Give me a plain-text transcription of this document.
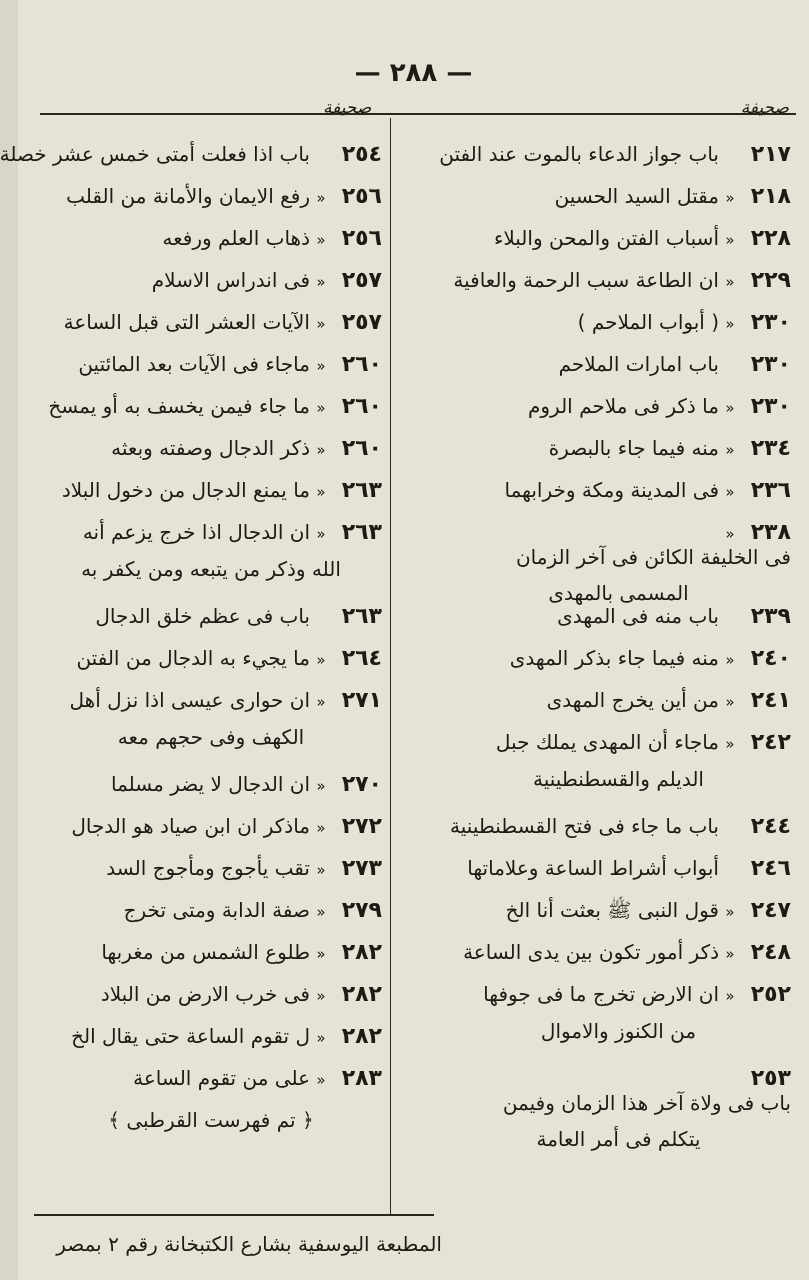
— ٢٨٨ —
صحيفة
صحيفة
٢١٧
باب جواز الدعاء بالموت عند الفتن
٢١٨
«
مقتل السيد الحسين
٢٢٨
«
أسباب الفتن والمحن والبلاء
٢٢٩
«
ان الطاعة سبب الرحمة والعافية
٢٣٠
«
( أبواب الملاحم )
٢٣٠
باب امارات الملاحم
٢٣٠
«
ما ذكر فى ملاحم الروم
٢٣٤
«
منه فيما جاء بالبصرة
٢٣٦
«
فى المدينة ومكة وخرابهما
٢٣٨
«
فى الخليفة الكائن فى آخر الزمان
المسمى بالمهدى
٢٣٩
باب منه فى المهدى
٢٤٠
«
منه فيما جاء بذكر المهدى
٢٤١
«
من أين يخرج المهدى
٢٤٢
«
ماجاء أن المهدى يملك جبل
الديلم والقسطنطينية
٢٤٤
باب ما جاء فى فتح القسطنطينية
٢٤٦
أبواب أشراط الساعة وعلاماتها
٢٤٧
«
قول النبى ﷺ بعثت أنا الخ
٢٤٨
«
ذكر أمور تكون بين يدى الساعة
٢٥٢
«
ان الارض تخرج ما فى جوفها
من الكنوز والاموال
٢٥٣
باب فى ولاة آخر هذا الزمان وفيمن
يتكلم فى أمر العامة
٢٥٤
باب اذا فعلت أمتى خمس عشر خصلة
٢٥٦
«
رفع الايمان والأمانة من القلب
٢٥٦
«
ذهاب العلم ورفعه
٢٥٧
«
فى اندراس الاسلام
٢٥٧
«
الآيات العشر التى قبل الساعة
٢٦٠
«
ماجاء فى الآيات بعد المائتين
٢٦٠
«
ما جاء فيمن يخسف به أو يمسخ
٢٦٠
«
ذكر الدجال وصفته وبعثه
٢٦٣
«
ما يمنع الدجال من دخول البلاد
٢٦٣
«
ان الدجال اذا خرج يزعم أنه
الله وذكر من يتبعه ومن يكفر به
٢٦٣
باب فى عظم خلق الدجال
٢٦٤
«
ما يجيء به الدجال من الفتن
٢٧١
«
ان حوارى عيسى اذا نزل أهل
الكهف وفى حجهم معه
٢٧٠
«
ان الدجال لا يضر مسلما
٢٧٢
«
ماذكر ان ابن صياد هو الدجال
٢٧٣
«
تقب يأجوج ومأجوج السد
٢٧٩
«
صفة الدابة ومتى تخرج
٢٨٢
«
طلوع الشمس من مغربها
٢٨٢
«
فى خرب الارض من البلاد
٢٨٢
«
ل تقوم الساعة حتى يقال الخ
٢٨٣
«
على من تقوم الساعة
﴿ تم فهرست القرطبى ﴾
المطبعة اليوسفية بشارع الكتبخانة رقم ٢ بمصر
